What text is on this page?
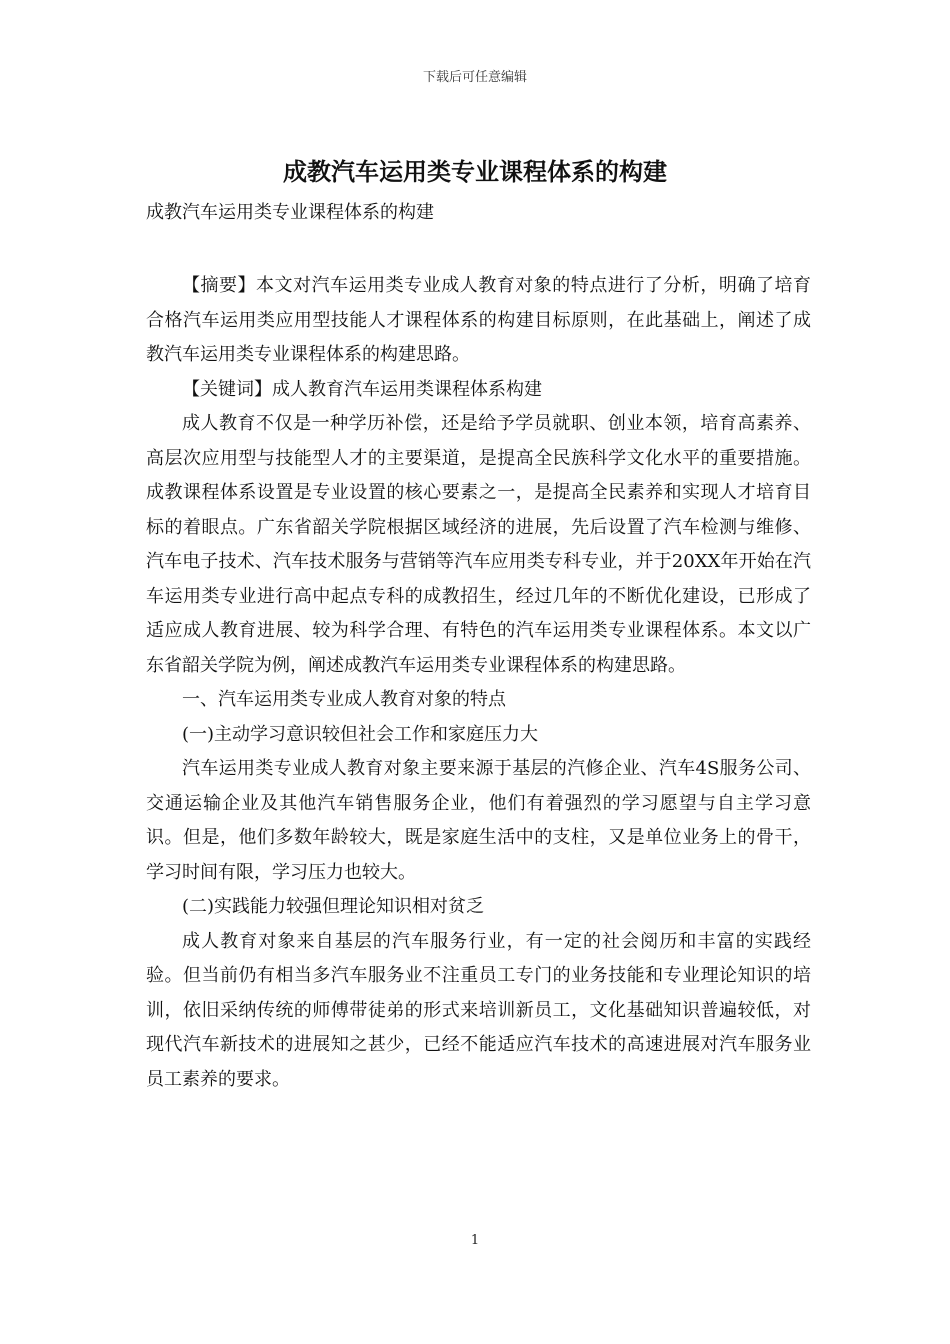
下载后可任意编辑
成教汽车运用类专业课程体系的构建

成教汽车运用类专业课程体系的构建

【摘要】本文对汽车运用类专业成人教育对象的特点进行了分析，明确了培育合格汽车运用类应用型技能人才课程体系的构建目标原则，在此基础上，阐述了成教汽车运用类专业课程体系的构建思路。

【关键词】成人教育汽车运用类课程体系构建

成人教育不仅是一种学历补偿，还是给予学员就职、创业本领，培育高素养、高层次应用型与技能型人才的主要渠道，是提高全民族科学文化水平的重要措施。成教课程体系设置是专业设置的核心要素之一，是提高全民素养和实现人才培育目标的着眼点。广东省韶关学院根据区域经济的进展，先后设置了汽车检测与维修、汽车电子技术、汽车技术服务与营销等汽车应用类专科专业，并于20XX年开始在汽车运用类专业进行高中起点专科的成教招生，经过几年的不断优化建设，已形成了适应成人教育进展、较为科学合理、有特色的汽车运用类专业课程体系。本文以广东省韶关学院为例，阐述成教汽车运用类专业课程体系的构建思路。

一、汽车运用类专业成人教育对象的特点

(一)主动学习意识较但社会工作和家庭压力大

汽车运用类专业成人教育对象主要来源于基层的汽修企业、汽车4S服务公司、交通运输企业及其他汽车销售服务企业，他们有着强烈的学习愿望与自主学习意识。但是，他们多数年龄较大，既是家庭生活中的支柱，又是单位业务上的骨干，学习时间有限，学习压力也较大。

(二)实践能力较强但理论知识相对贫乏

成人教育对象来自基层的汽车服务行业，有一定的社会阅历和丰富的实践经验。但当前仍有相当多汽车服务业不注重员工专门的业务技能和专业理论知识的培训，依旧采纳传统的师傅带徒弟的形式来培训新员工，文化基础知识普遍较低，对现代汽车新技术的进展知之甚少，已经不能适应汽车技术的高速进展对汽车服务业员工素养的要求。

1
